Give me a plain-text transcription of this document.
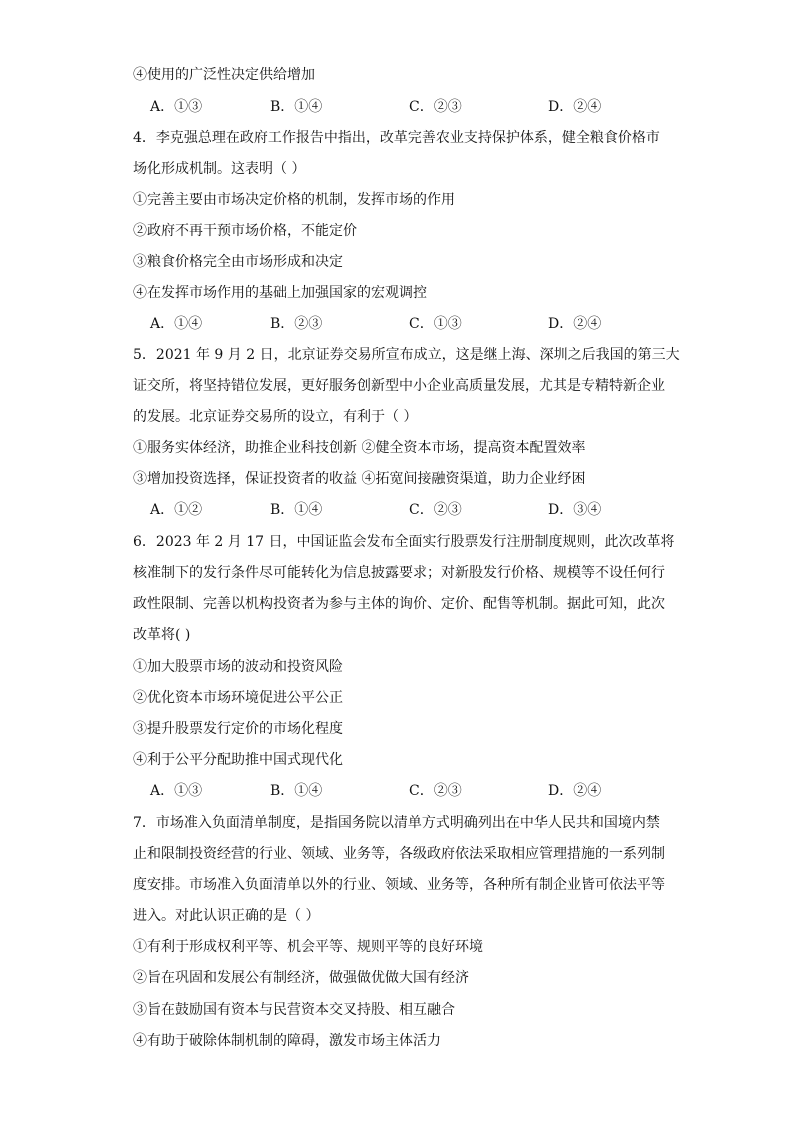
④使用的广泛性决定供给增加
A．①③	B．①④	C．②③	D．②④
4．李克强总理在政府工作报告中指出，改革完善农业支持保护体系，健全粮食价格市
场化形成机制。这表明（ ）
①完善主要由市场决定价格的机制，发挥市场的作用
②政府不再干预市场价格，不能定价
③粮食价格完全由市场形成和决定
④在发挥市场作用的基础上加强国家的宏观调控
A．①④	B．②③	C．①③	D．②④
5．2021 年 9 月 2 日，北京证券交易所宣布成立，这是继上海、深圳之后我国的第三大
证交所，将坚持错位发展，更好服务创新型中小企业高质量发展，尤其是专精特新企业
的发展。北京证券交易所的设立，有利于（ ）
①服务实体经济，助推企业科技创新 ②健全资本市场，提高资本配置效率
③增加投资选择，保证投资者的收益 ④拓宽间接融资渠道，助力企业纾困
A．①②	B．①④	C．②③	D．③④
6．2023 年 2 月 17 日，中国证监会发布全面实行股票发行注册制度规则，此次改革将
核准制下的发行条件尽可能转化为信息披露要求；对新股发行价格、规模等不设任何行
政性限制、完善以机构投资者为参与主体的询价、定价、配售等机制。据此可知，此次
改革将( )
①加大股票市场的波动和投资风险
②优化资本市场环境促进公平公正
③提升股票发行定价的市场化程度
④利于公平分配助推中国式现代化
A．①③	B．①④	C．②③	D．②④
7．市场准入负面清单制度，是指国务院以清单方式明确列出在中华人民共和国境内禁
止和限制投资经营的行业、领域、业务等，各级政府依法采取相应管理措施的一系列制
度安排。市场准入负面清单以外的行业、领域、业务等，各种所有制企业皆可依法平等
进入。对此认识正确的是（ ）
①有利于形成权利平等、机会平等、规则平等的良好环境
②旨在巩固和发展公有制经济，做强做优做大国有经济
③旨在鼓励国有资本与民营资本交叉持股、相互融合
④有助于破除体制机制的障碍，激发市场主体活力
